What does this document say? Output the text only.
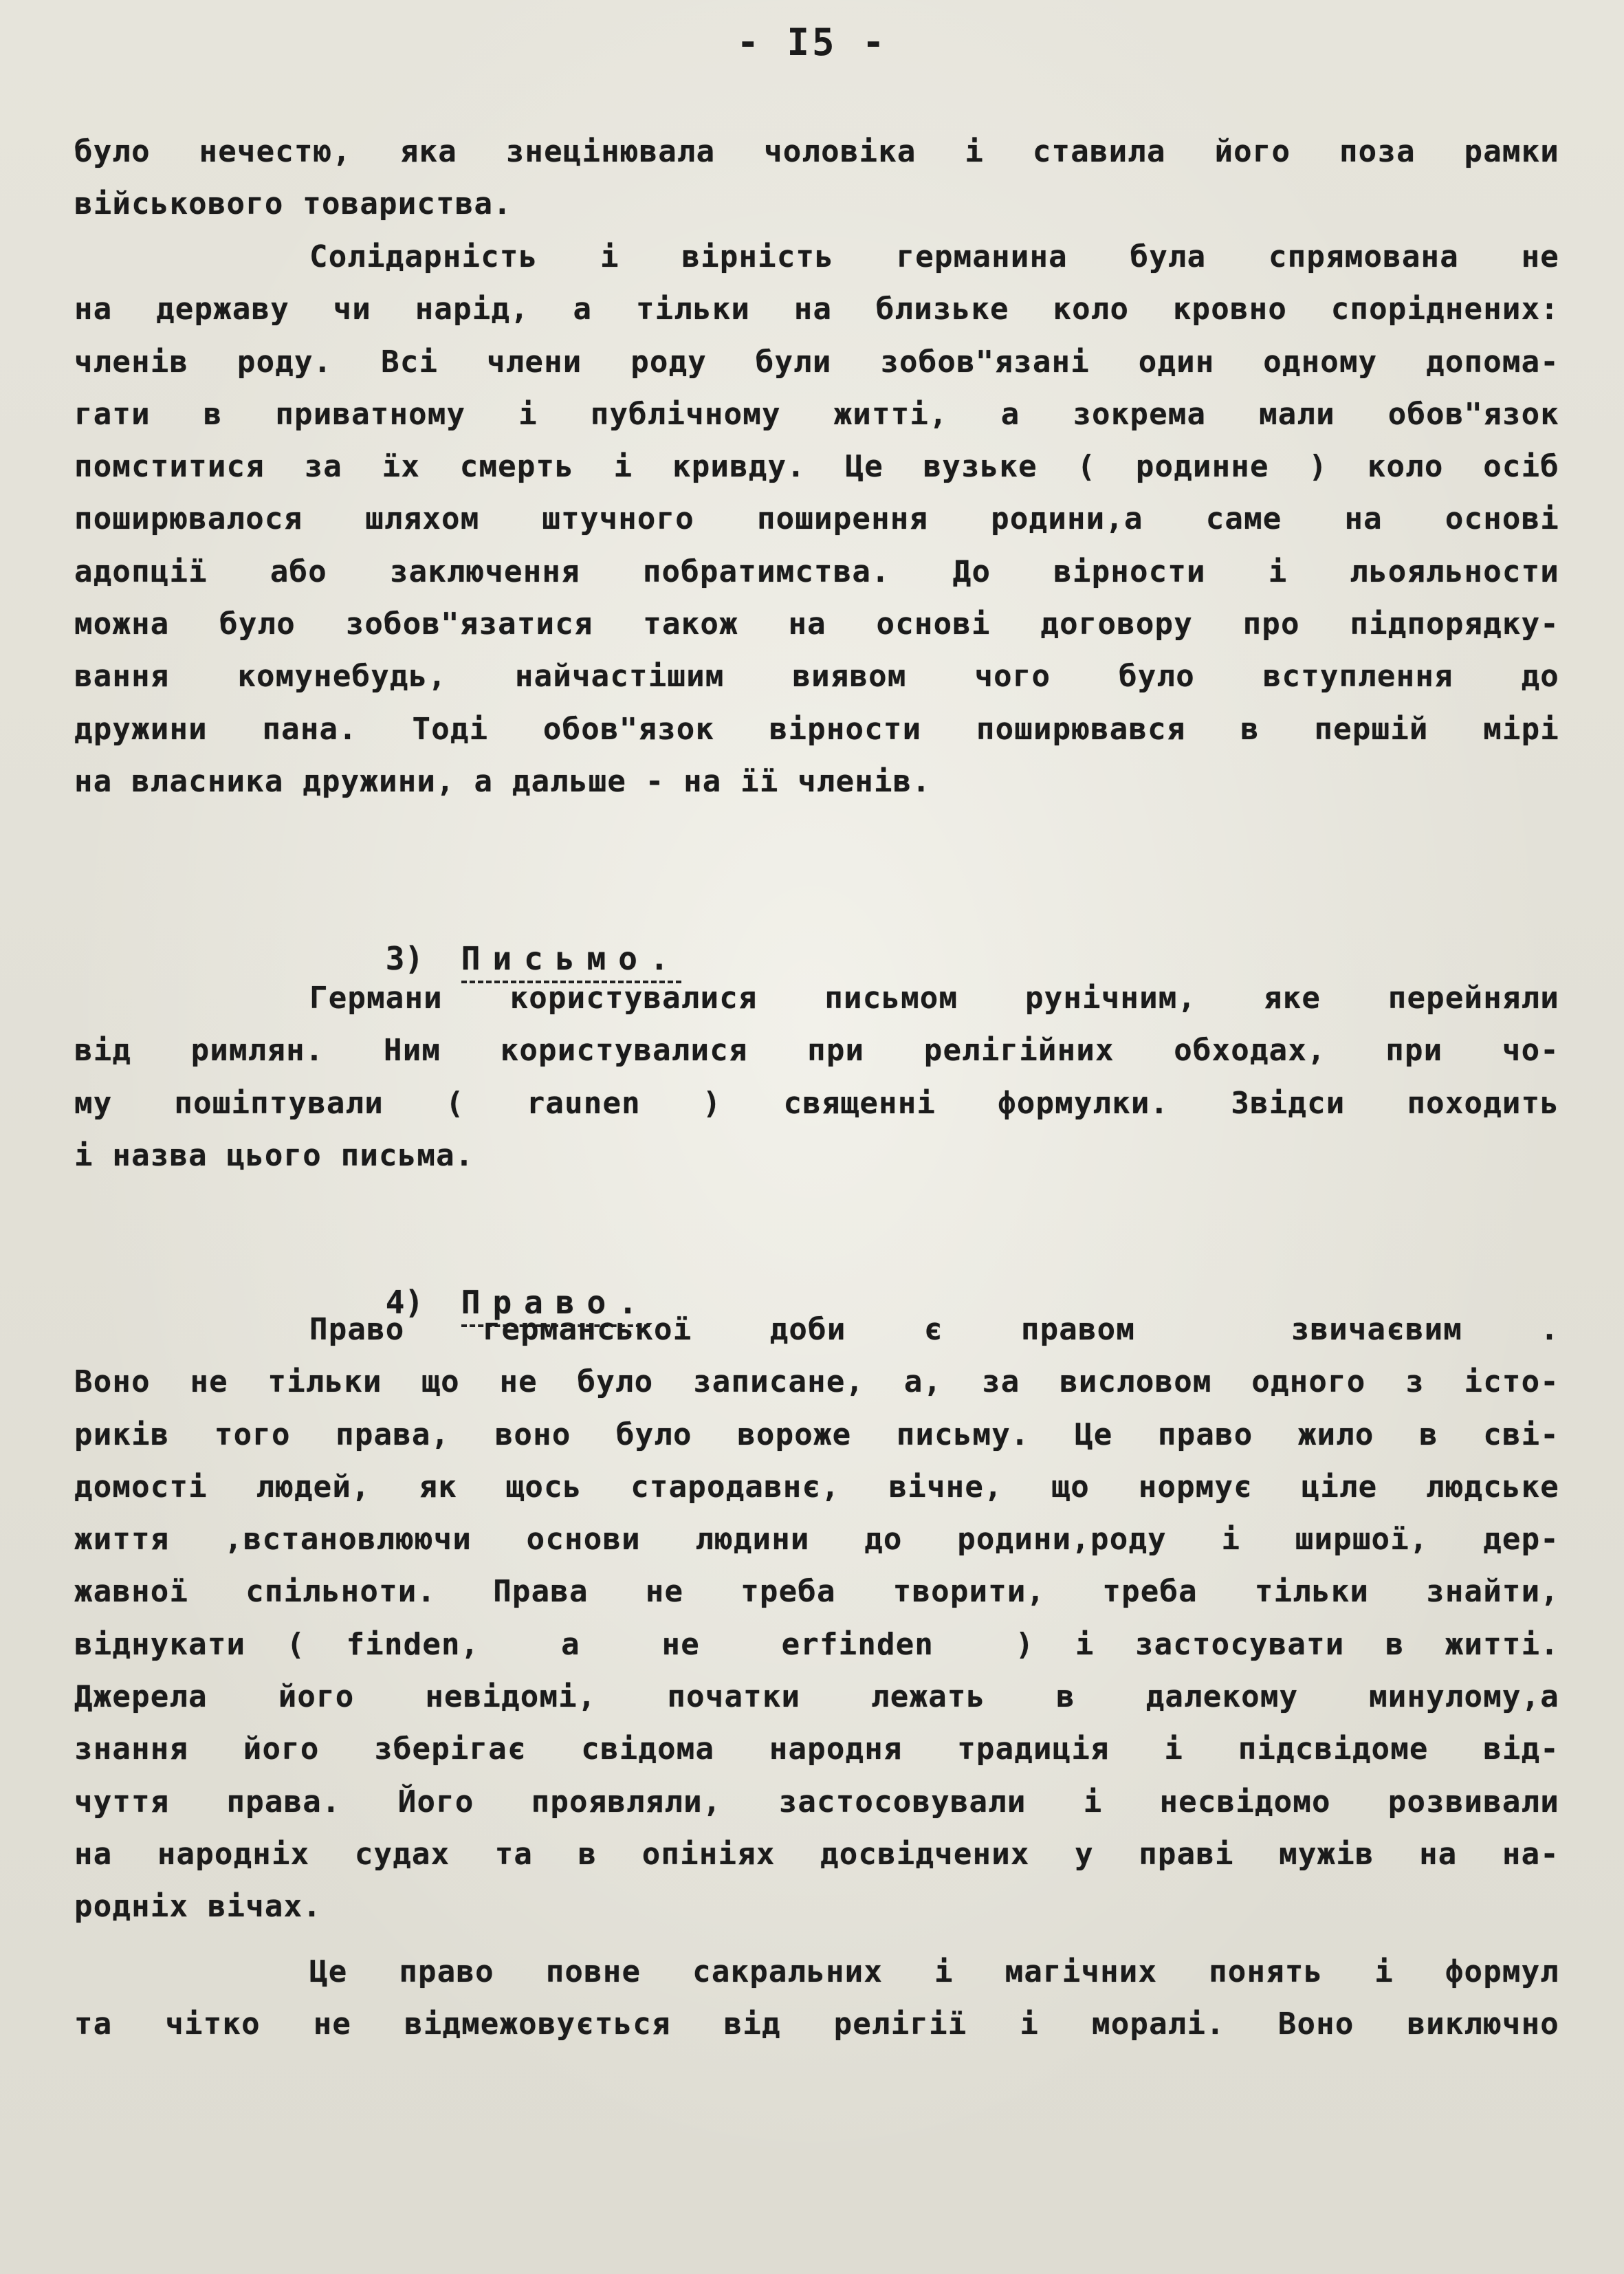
- I5 -
було нечестю, яка знецінювала чоловіка і ставила його поза рамки
військового товариства.
Солідарність і вірність германина була спрямована не
на державу чи нарід, а тільки на близьке коло кровно споріднених:
членів роду. Всі члени роду були зобов"язані один одному допома-
гати в приватному і публічному житті, а зокрема мали обов"язок
помститися за їх смерть і кривду. Це вузьке ( родинне ) коло осіб
поширювалося шляхом штучного поширення родини,а саме на основі
адопції або заключення побратимства. До вірности і льояльности
можна було зобов"язатися також на основі договору про підпорядку-
вання комунебудь, найчастішим виявом чого було вступлення до
дружини пана. Тоді обов"язок вірности поширювався в першій мірі
на власника дружини, а дальше - на її членів.

3) Письмо.

Германи користувалися письмом рунічним, яке перейняли
від римлян. Ним користувалися при релігійних обходах, при чо-
му пошіптували ( raunen ) священні формулки. Звідси походить
і назва цього письма.

4) Право.

Право германської доби є правом  звичаєвим .
Воно не тільки що не було записане, а, за висловом одного з істо-
риків того права, воно було вороже письму. Це право жило в сві-
домості людей, як щось стародавнє, вічне, що нормує ціле людське
життя ,встановлюючи основи людини до родини,роду і ширшої, дер-
жавної спільноти. Права не треба творити, треба тільки знайти,
віднукати ( finden,  a  не  erfinden  ) і застосувати в житті.
Джерела його невідомі, початки лежать в далекому минулому,а
знання його зберігає свідома народня традиція і підсвідоме від-
чуття права. Його проявляли, застосовували і несвідомо розвивали
на народніх судах та в опініях досвідчених у праві мужів на на-
родніх вічах.
Це право повне сакральних і магічних понять і формул
та чітко не відмежовується від релігії і моралі. Воно виключно
